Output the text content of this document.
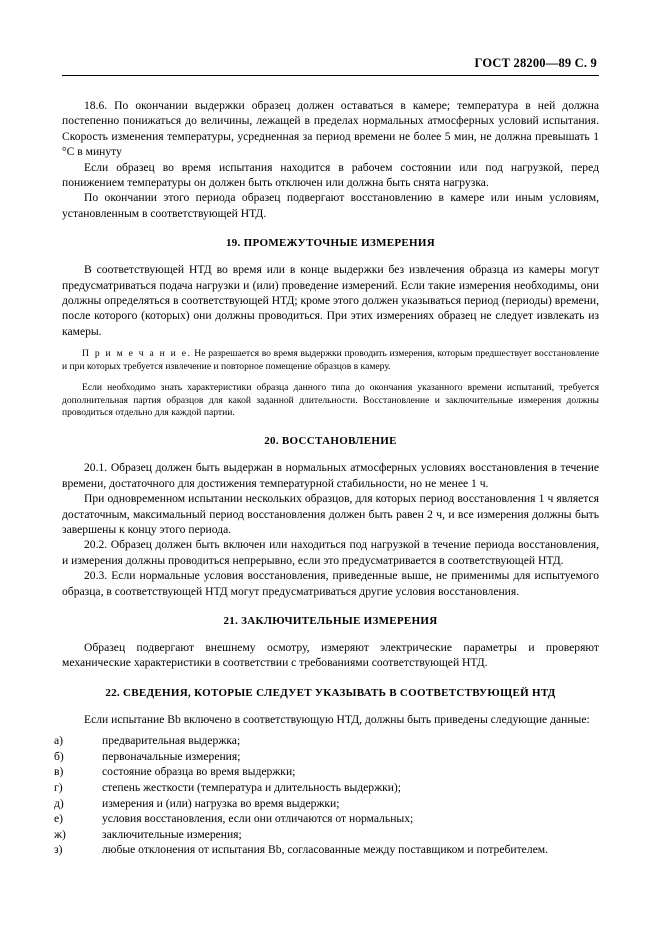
ГОСТ 28200—89 С. 9

18.6. По окончании выдержки образец должен оставаться в камере; температура в ней должна постепенно понижаться до величины, лежащей в пределах нормальных атмосферных условий испытания. Скорость изменения температуры, усредненная за период времени не более 5 мин, не должна превышать 1 °С в минуту

Если образец во время испытания находится в рабочем состоянии или под нагрузкой, перед понижением температуры он должен быть отключен или должна быть снята нагрузка.

По окончании этого периода образец подвергают восстановлению в камере или иным условиям, установленным в соответствующей НТД.

19. ПРОМЕЖУТОЧНЫЕ ИЗМЕРЕНИЯ

В соответствующей НТД во время или в конце выдержки без извлечения образца из камеры могут предусматриваться подача нагрузки и (или) проведение измерений. Если такие измерения необходимы, они должны определяться в соответствующей НТД; кроме этого должен указываться период (периоды) времени, после которого (которых) они должны проводиться. При этих измерениях образец не следует извлекать из камеры.

П р и м е ч а н и е. Не разрешается во время выдержки проводить измерения, которым предшествует восстановление и при которых требуется извлечение и повторное помещение образцов в камеру.

Если необходимо знать характеристики образца данного типа до окончания указанного времени испытаний, требуется дополнительная партия образцов для какой заданной длительности. Восстановление и заключительные измерения должны проводиться отдельно для каждой партии.

20. ВОССТАНОВЛЕНИЕ

20.1. Образец должен быть выдержан в нормальных атмосферных условиях восстановления в течение времени, достаточного для достижения температурной стабильности, но не менее 1 ч.

При одновременном испытании нескольких образцов, для которых период восстановления 1 ч является достаточным, максимальный период восстановления должен быть равен 2 ч, и все измерения должны быть завершены к концу этого периода.

20.2. Образец должен быть включен или находиться под нагрузкой в течение периода восстановления, и измерения должны проводиться непрерывно, если это предусматривается в соответствующей НТД.

20.3. Если нормальные условия восстановления, приведенные выше, не применимы для испытуемого образца, в соответствующей НТД могут предусматриваться другие условия восстановления.

21. ЗАКЛЮЧИТЕЛЬНЫЕ ИЗМЕРЕНИЯ

Образец подвергают внешнему осмотру, измеряют электрические параметры и проверяют механические характеристики в соответствии с требованиями соответствующей НТД.

22. СВЕДЕНИЯ, КОТОРЫЕ СЛЕДУЕТ УКАЗЫВАТЬ В СООТВЕТСТВУЮЩЕЙ НТД

Если испытание Вb включено в соответствующую НТД, должны быть приведены следующие данные:

а)	предварительная выдержка;
б)	первоначальные измерения;
в)	состояние образца во время выдержки;
г)	степень жесткости (температура и длительность выдержки);
д)	измерения и (или) нагрузка во время выдержки;
е)	условия восстановления, если они отличаются от нормальных;
ж)	заключительные измерения;
з)	любые отклонения от испытания Вb, согласованные между поставщиком и потребителем.
